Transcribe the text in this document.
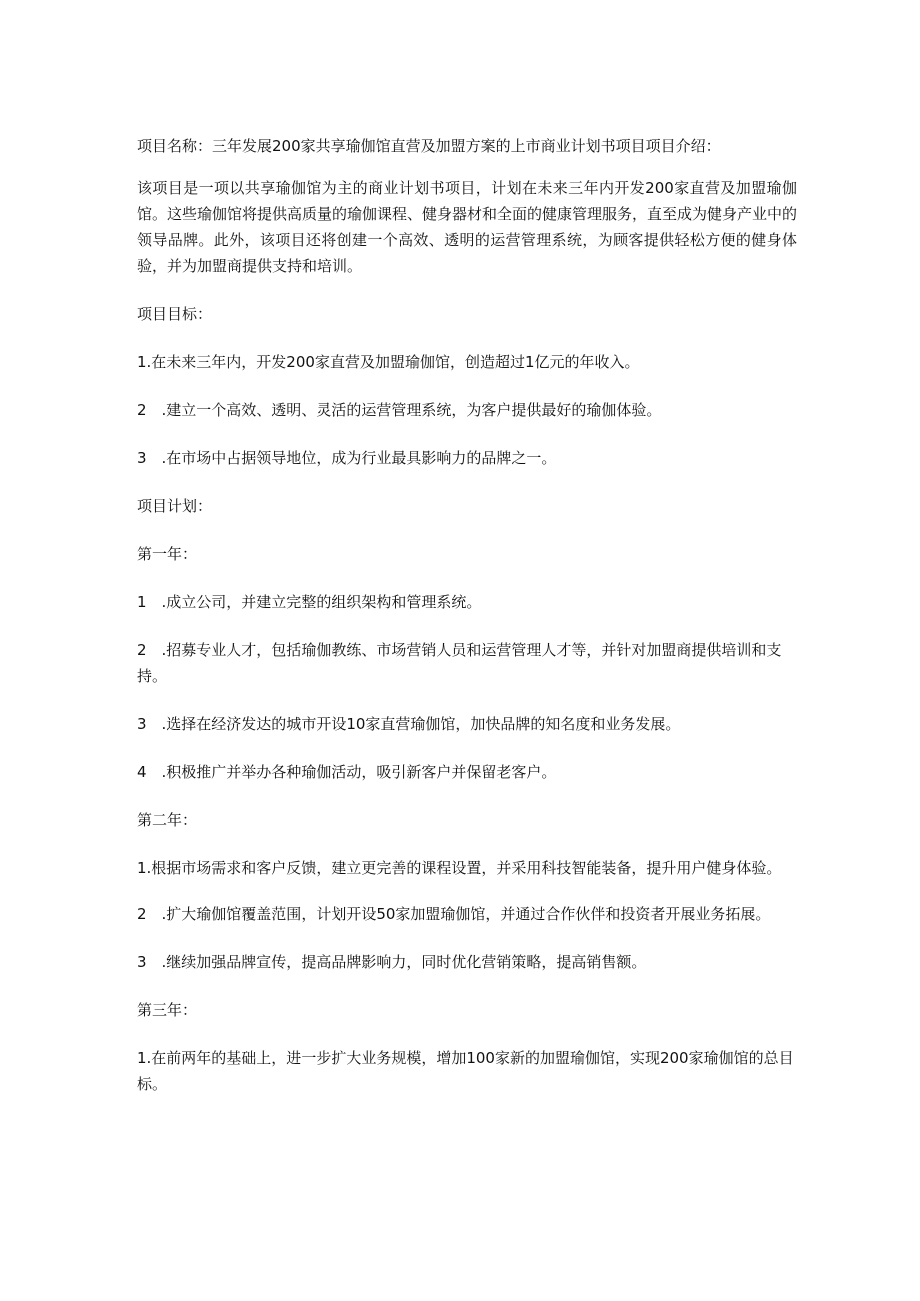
项目名称：三年发展200家共享瑜伽馆直营及加盟方案的上市商业计划书项目项目介绍：

该项目是一项以共享瑜伽馆为主的商业计划书项目，计划在未来三年内开发200家直营及加盟瑜伽馆。这些瑜伽馆将提供高质量的瑜伽课程、健身器材和全面的健康管理服务，直至成为健身产业中的领导品牌。此外，该项目还将创建一个高效、透明的运营管理系统，为顾客提供轻松方便的健身体验，并为加盟商提供支持和培训。

项目目标：

1.在未来三年内，开发200家直营及加盟瑜伽馆，创造超过1亿元的年收入。

2　.建立一个高效、透明、灵活的运营管理系统，为客户提供最好的瑜伽体验。

3　.在市场中占据领导地位，成为行业最具影响力的品牌之一。

项目计划：

第一年：

1　.成立公司，并建立完整的组织架构和管理系统。

2　.招募专业人才，包括瑜伽教练、市场营销人员和运营管理人才等，并针对加盟商提供培训和支持。

3　.选择在经济发达的城市开设10家直营瑜伽馆，加快品牌的知名度和业务发展。

4　.积极推广并举办各种瑜伽活动，吸引新客户并保留老客户。

第二年：

1.根据市场需求和客户反馈，建立更完善的课程设置，并采用科技智能装备，提升用户健身体验。

2　.扩大瑜伽馆覆盖范围，计划开设50家加盟瑜伽馆，并通过合作伙伴和投资者开展业务拓展。

3　.继续加强品牌宣传，提高品牌影响力，同时优化营销策略，提高销售额。

第三年：

1.在前两年的基础上，进一步扩大业务规模，增加100家新的加盟瑜伽馆，实现200家瑜伽馆的总目标。
